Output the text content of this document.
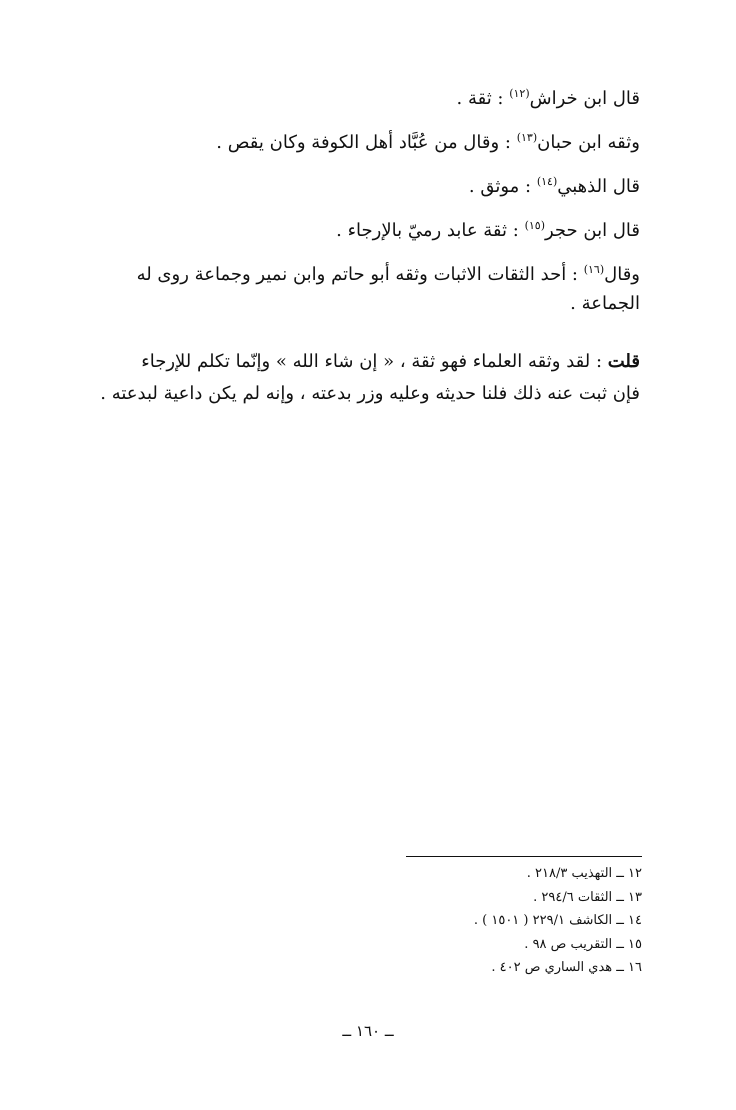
قال ابن خراش$^{(١٢)}$ : ثقة .
وثقه ابن حبان$^{(١٣)}$ : وقال من عُبَّاد أهل الكوفة وكان يقص .
قال الذهبي$^{(١٤)}$ : موثق .
قال ابن حجر$^{(١٥)}$ : ثقة عابد رميّ بالإرجاء .
وقال$^{(١٦)}$ : أحد الثقات الاثبات وثقه أبو حاتم وابن نمير وجماعة روى له
الجماعة .
قلت : لقد وثقه العلماء فهو ثقة ، « إن شاء الله » وإنّما تكلم للإرجاء
فإن ثبت عنه ذلك فلنا حديثه وعليه وزر بدعته ، وإنه لم يكن داعية لبدعته .
١٢ ــ التهذيب ٢١٨/٣ .
١٣ ــ الثقات ٢٩٤/٦ .
١٤ ــ الكاشف ٢٢٩/١ ( ١٥٠١ ) .
١٥ ــ التقريب ص ٩٨ .
١٦ ــ هدي الساري ص ٤٠٢ .
ــ ١٦٠ ــ
